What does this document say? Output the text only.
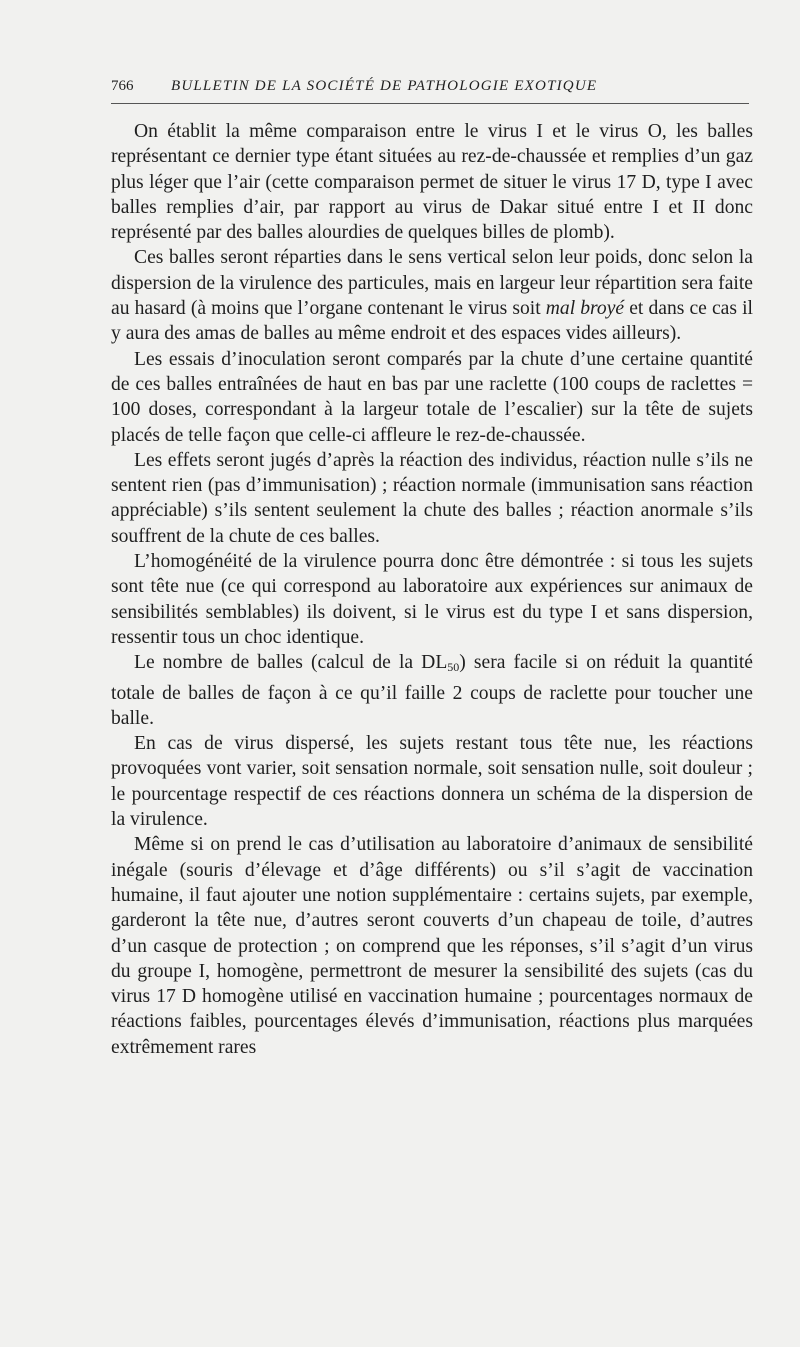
766	BULLETIN DE LA SOCIÉTÉ DE PATHOLOGIE EXOTIQUE

On établit la même comparaison entre le virus I et le virus O, les balles représentant ce dernier type étant situées au rez-de-chaussée et remplies d’un gaz plus léger que l’air (cette comparaison permet de situer le virus 17 D, type I avec balles remplies d’air, par rapport au virus de Dakar situé entre I et II donc représenté par des balles alourdies de quelques billes de plomb).

Ces balles seront réparties dans le sens vertical selon leur poids, donc selon la dispersion de la virulence des particules, mais en largeur leur répartition sera faite au hasard (à moins que l’organe contenant le virus soit mal broyé et dans ce cas il y aura des amas de balles au même endroit et des espaces vides ailleurs).

Les essais d’inoculation seront comparés par la chute d’une certaine quantité de ces balles entraînées de haut en bas par une raclette (100 coups de raclettes = 100 doses, correspondant à la largeur totale de l’escalier) sur la tête de sujets placés de telle façon que celle-ci affleure le rez-de-chaussée.

Les effets seront jugés d’après la réaction des individus, réaction nulle s’ils ne sentent rien (pas d’immunisation) ; réaction normale (immunisation sans réaction appréciable) s’ils sentent seulement la chute des balles ; réaction anormale s’ils souffrent de la chute de ces balles.

L’homogénéité de la virulence pourra donc être démontrée : si tous les sujets sont tête nue (ce qui correspond au laboratoire aux expériences sur animaux de sensibilités semblables) ils doivent, si le virus est du type I et sans dispersion, ressentir tous un choc identique.

Le nombre de balles (calcul de la $DL_{50}$) sera facile si on réduit la quantité totale de balles de façon à ce qu’il faille 2 coups de raclette pour toucher une balle.

En cas de virus dispersé, les sujets restant tous tête nue, les réactions provoquées vont varier, soit sensation normale, soit sensation nulle, soit douleur ; le pourcentage respectif de ces réactions donnera un schéma de la dispersion de la virulence.

Même si on prend le cas d’utilisation au laboratoire d’animaux de sensibilité inégale (souris d’élevage et d’âge différents) ou s’il s’agit de vaccination humaine, il faut ajouter une notion supplémentaire : certains sujets, par exemple, garderont la tête nue, d’autres seront couverts d’un chapeau de toile, d’autres d’un casque de protection ; on comprend que les réponses, s’il s’agit d’un virus du groupe I, homogène, permettront de mesurer la sensibilité des sujets (cas du virus 17 D homogène utilisé en vaccination humaine ; pourcentages normaux de réactions faibles, pourcentages élevés d’immunisation, réactions plus marquées extrêmement rares
